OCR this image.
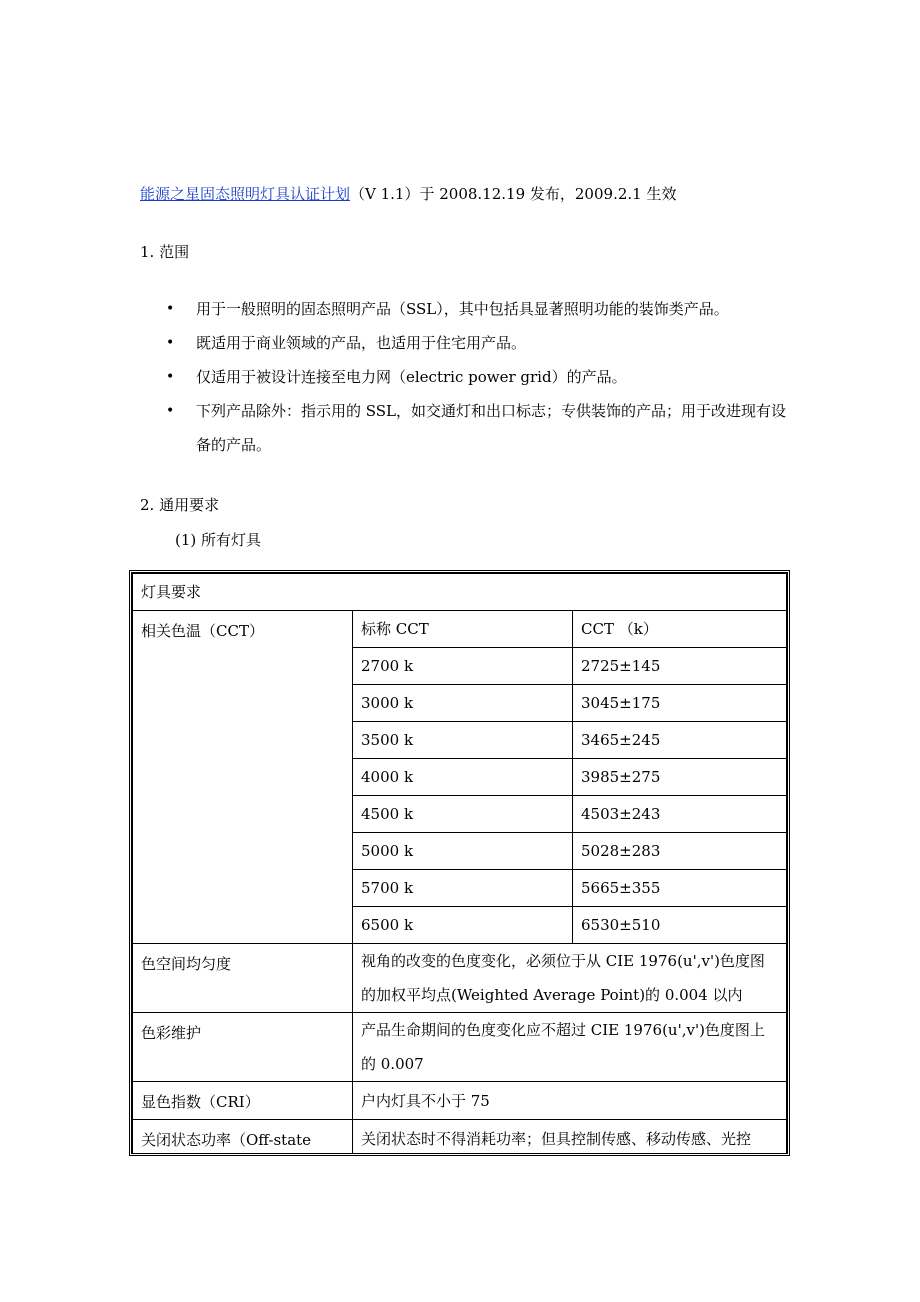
能源之星固态照明灯具认证计划（V 1.1）于 2008.12.19 发布，2009.2.1 生效
1. 范围
• 用于一般照明的固态照明产品（SSL），其中包括具显著照明功能的装饰类产品。
• 既适用于商业领域的产品，也适用于住宅用产品。
• 仅适用于被设计连接至电力网（electric power grid）的产品。
• 下列产品除外：指示用的 SSL，如交通灯和出口标志；专供装饰的产品；用于改进现有设备的产品。
2. 通用要求
(1) 所有灯具
灯具要求		
相关色温（CCT）	标称 CCT	CCT （k）
	2700 k	2725±145
	3000 k	3045±175
	3500 k	3465±245
	4000 k	3985±275
	4500 k	4503±243
	5000 k	5028±283
	5700 k	5665±355
	6500 k	6530±510
色空间均匀度	视角的改变的色度变化，必须位于从 CIE 1976(u',v')色度图的加权平均点(Weighted Average Point)的 0.004 以内	
色彩维护	产品生命期间的色度变化应不超过 CIE 1976(u',v')色度图上的 0.007	
显色指数（CRI）	户内灯具不小于 75	
关闭状态功率（Off-state	关闭状态时不得消耗功率；但具控制传感、移动传感、光控	
